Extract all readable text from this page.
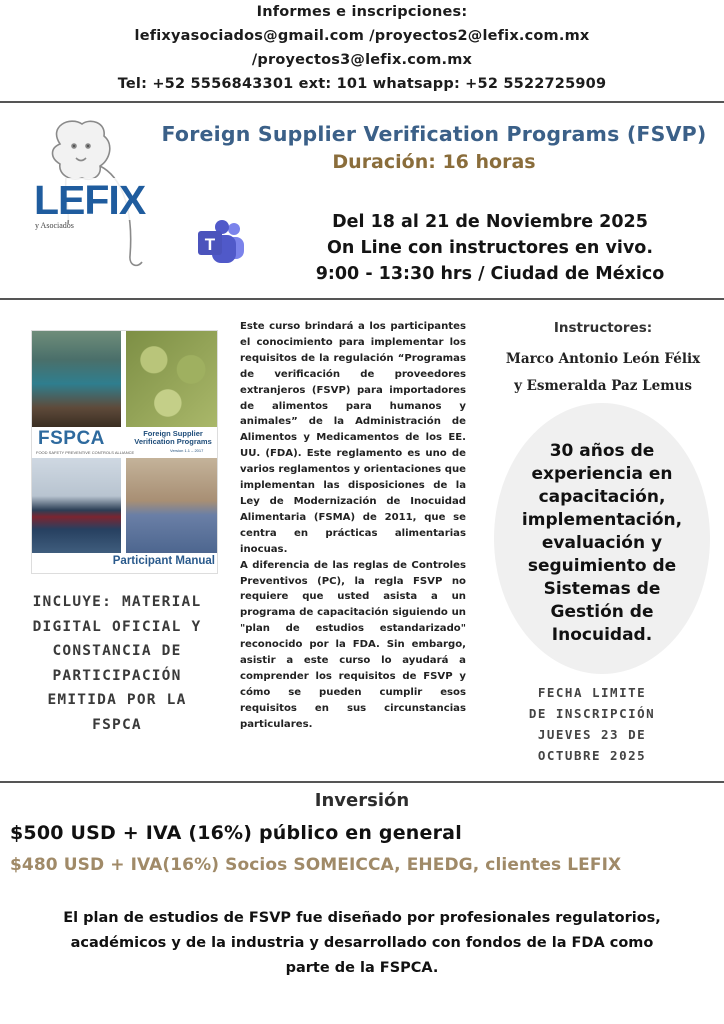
Informes e inscripciones:
lefixyasociados@gmail.com /proyectos2@lefix.com.mx
/proyectos3@lefix.com.mx
Tel: +52 5556843301 ext: 101 whatsapp: +52 5522725909
LEFIX
y Asociados
Foreign Supplier Verification Programs (FSVP)
Duración: 16 horas
T
Del 18 al 21 de Noviembre 2025
On Line con instructores en vivo.
9:00 - 13:30 hrs / Ciudad de México
FSPCA
FOOD SAFETY PREVENTIVE CONTROLS ALLIANCE
Foreign Supplier Verification Programs
Version 1.1 – 2017
Participant Manual
INCLUYE: MATERIAL
DIGITAL OFICIAL Y
CONSTANCIA DE
PARTICIPACIÓN
EMITIDA POR LA
FSPCA

Este curso brindará a los participantes el conocimiento para implementar los requisitos de la regulación “Programas de verificación de proveedores extranjeros (FSVP) para importadores de alimentos para humanos y animales” de la Administración de Alimentos y Medicamentos de los EE. UU. (FDA). Este reglamento es uno de varios reglamentos y orientaciones que implementan las disposiciones de la Ley de Modernización de Inocuidad Alimentaria (FSMA) de 2011, que se centra en prácticas alimentarias inocuas.

A diferencia de las reglas de Controles Preventivos (PC), la regla FSVP no requiere que usted asista a un programa de capacitación siguiendo un "plan de estudios estandarizado" reconocido por la FDA. Sin embargo, asistir a este curso lo ayudará a comprender los requisitos de FSVP y cómo se pueden cumplir esos requisitos en sus circunstancias particulares.

Instructores:
Marco Antonio León Félix
y Esmeralda Paz Lemus
30 años de
experiencia en
capacitación,
implementación,
evaluación y
seguimiento de
Sistemas de
Gestión de
Inocuidad.
FECHA LIMITE
DE INSCRIPCIÓN
JUEVES 23 DE
OCTUBRE 2025
Inversión
$500 USD + IVA (16%) público en general
$480 USD + IVA(16%) Socios SOMEICCA, EHEDG, clientes LEFIX
El plan de estudios de FSVP fue diseñado por profesionales regulatorios,
académicos y de la industria y desarrollado con fondos de la FDA como
parte de la FSPCA.
